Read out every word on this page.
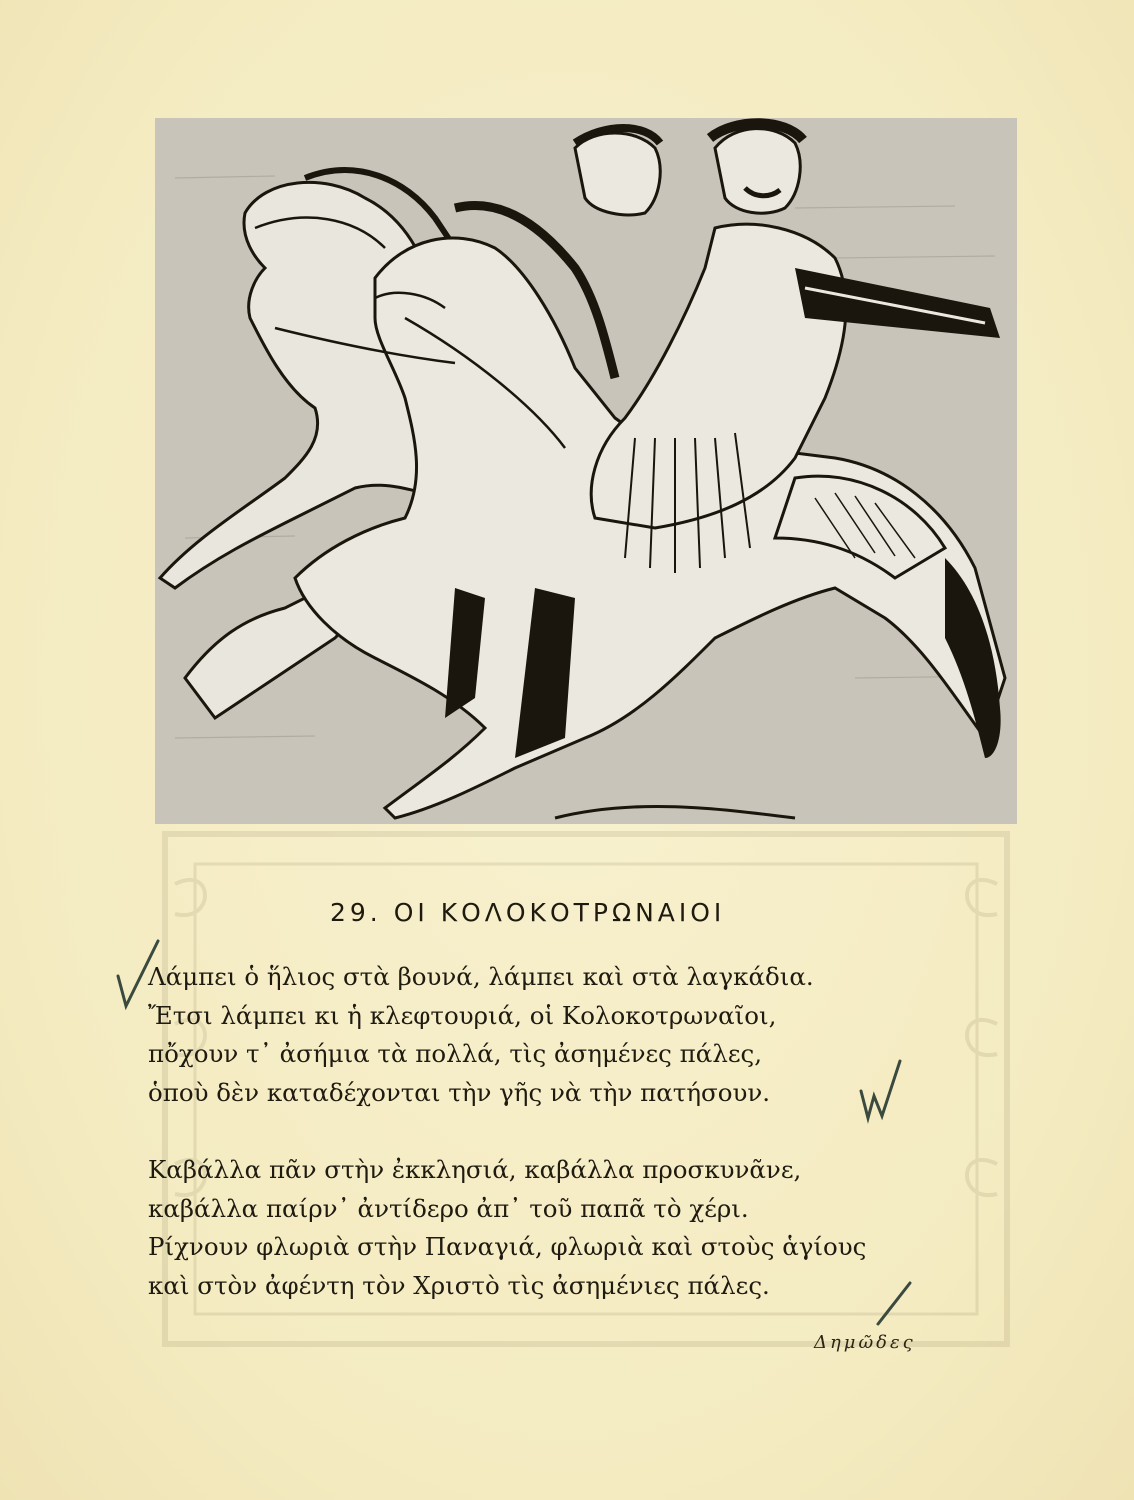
29. ΟΙ ΚΟΛΟΚΟΤΡΩΝΑΙΟΙ
Λάμπει ὁ ἥλιος στὰ βουνά, λάμπει καὶ στὰ λαγκάδια.
Ἔτσι λάμπει κι ἡ κλεφτουριά, οἱ Κολοκοτρωναῖοι,
πὄχουν τ᾽ ἀσήμια τὰ πολλά, τὶς ἀσημένες πάλες,
ὁποὺ δὲν καταδέχονται τὴν γῆς νὰ τὴν πατήσουν.
Καβάλλα πᾶν στὴν ἐκκλησιά, καβάλλα προσκυνᾶνε,
καβάλλα παίρν᾽ ἀντίδερο ἀπ᾽ τοῦ παπᾶ τὸ χέρι.
Ρίχνουν φλωριὰ στὴν Παναγιά, φλωριὰ καὶ στοὺς ἁγίους
καὶ στὸν ἀφέντη τὸν Χριστὸ τὶς ἀσημένιες πάλες.
Δημῶδες
